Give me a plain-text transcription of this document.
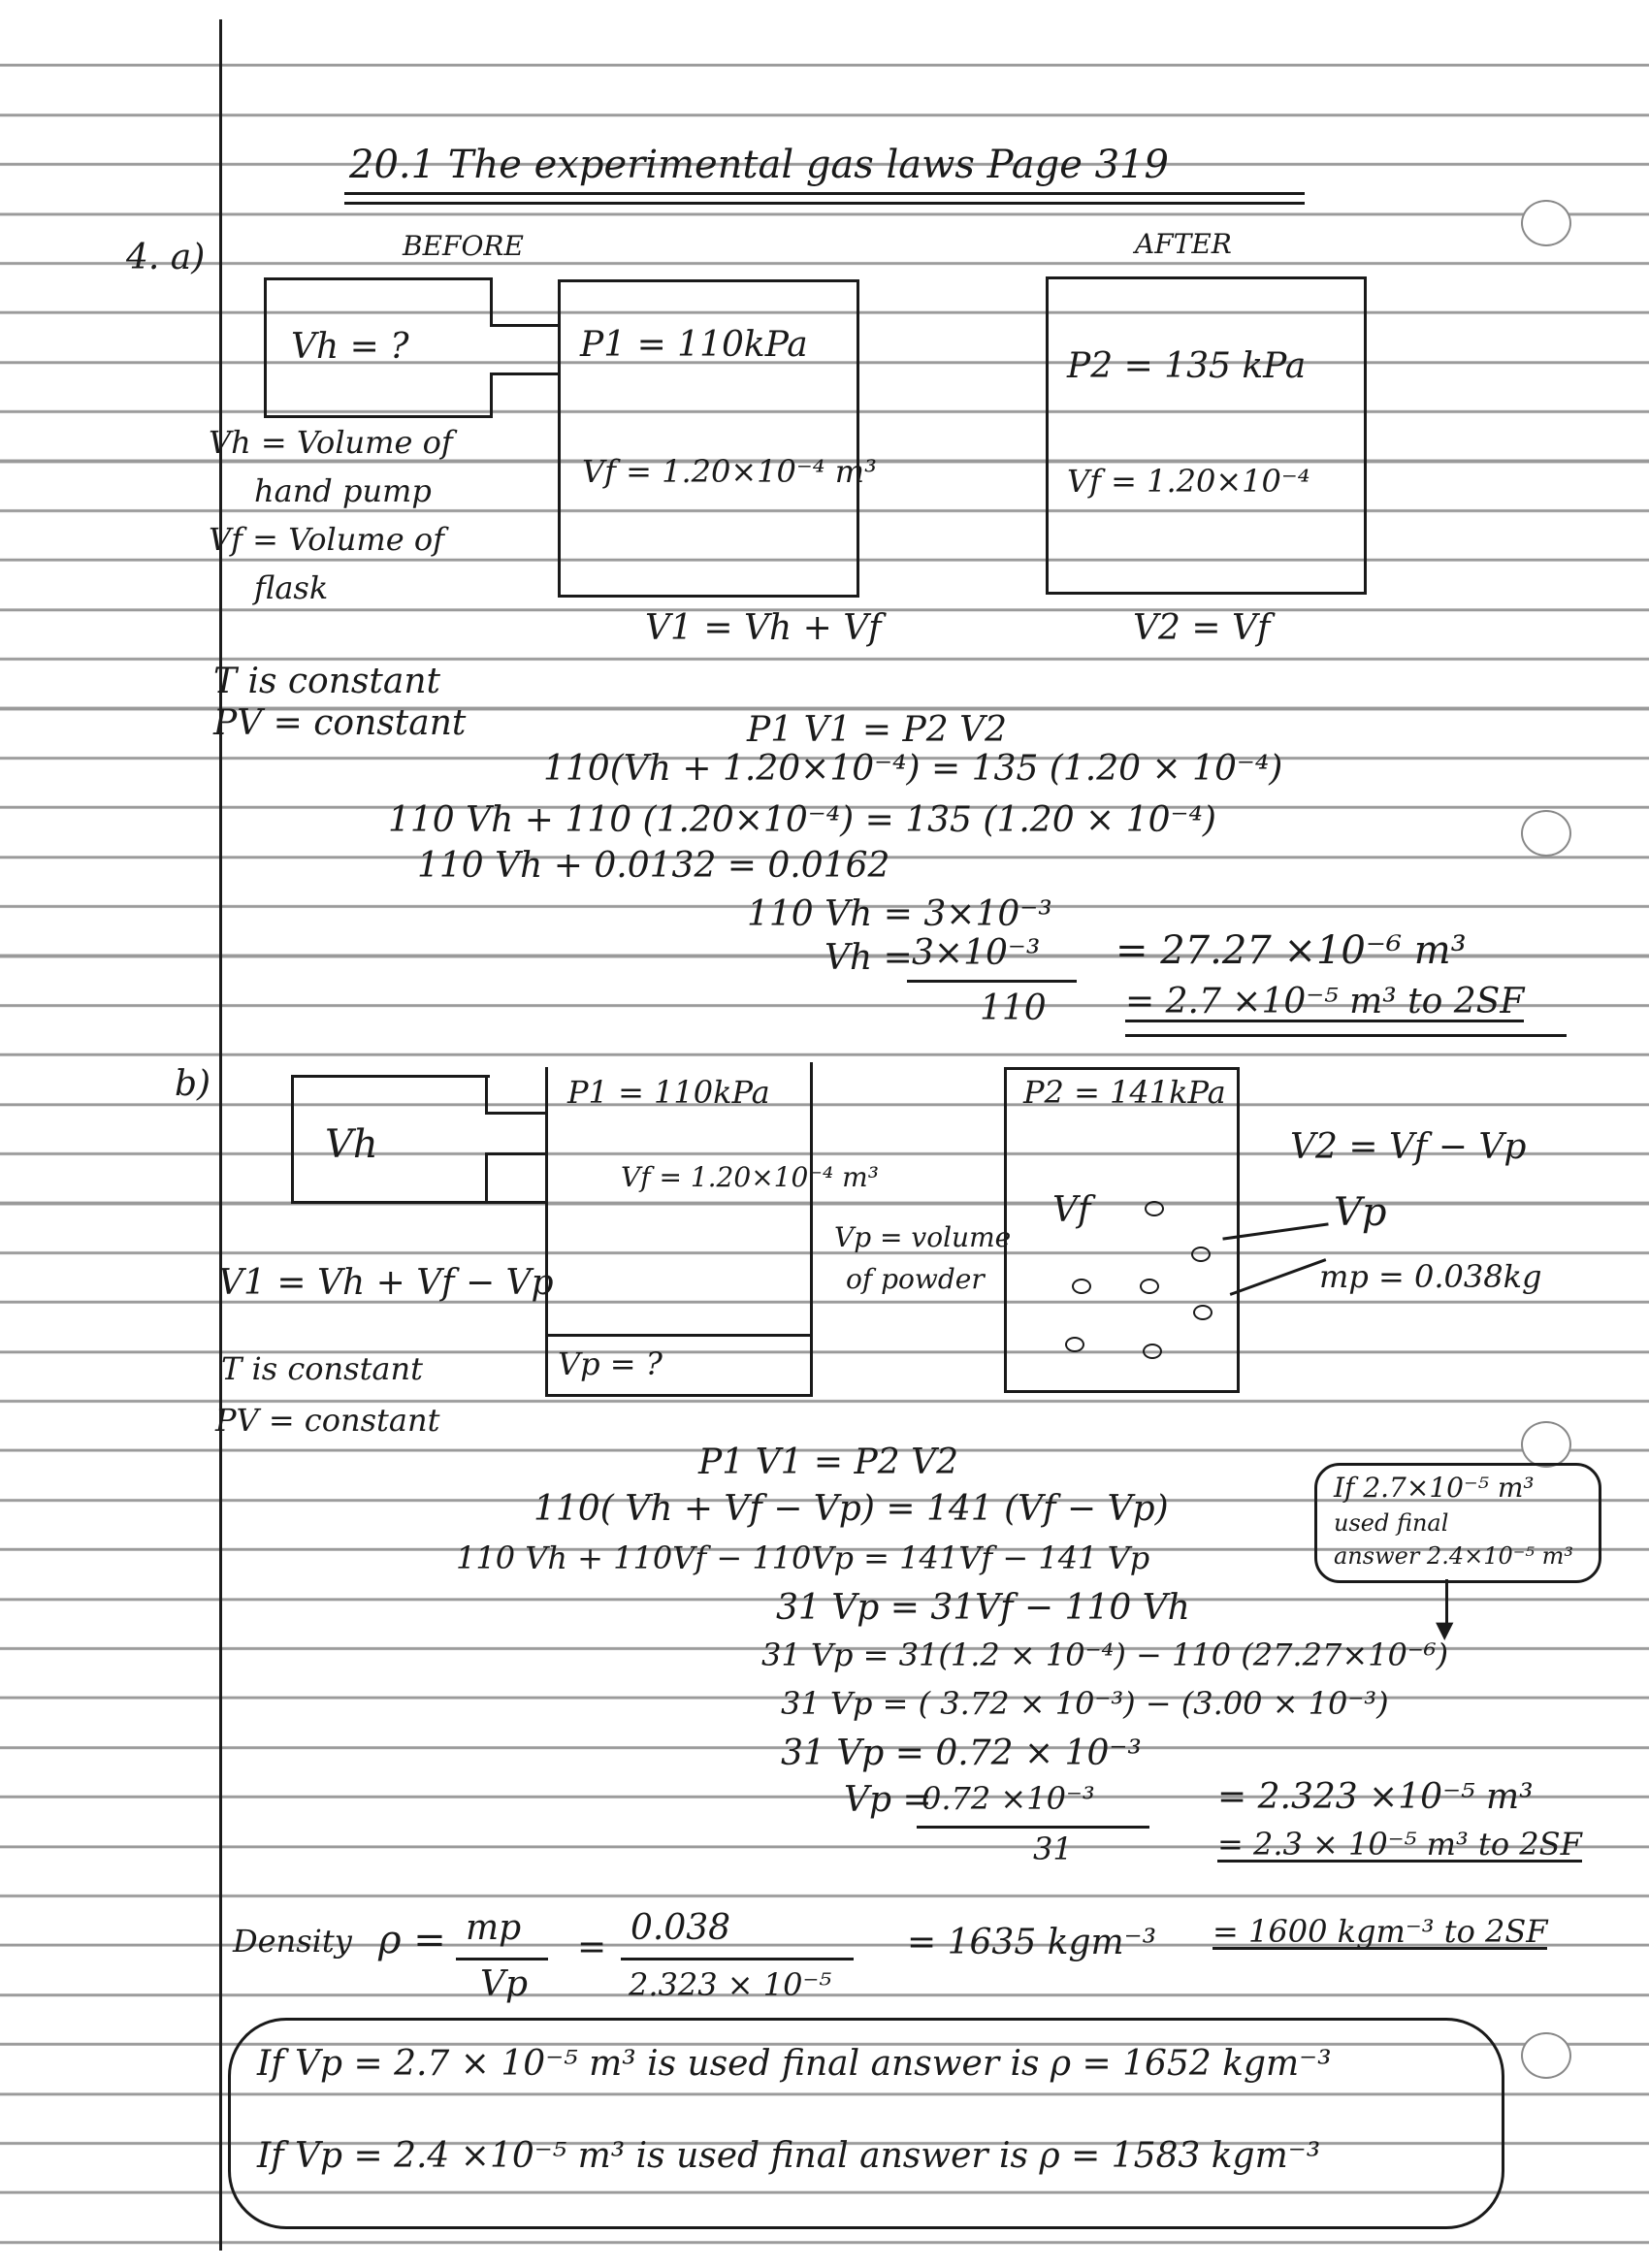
20.1 The experimental gas laws Page 319
4. a)	BEFORE	AFTER
Vh = ?	P1 = 110kPa
Vf = 1.20×10⁻⁴ m³
P2 = 135 kPa
Vf = 1.20×10⁻⁴
Vh = Volume of
hand pump
Vf = Volume of
flask
V1 = Vh + Vf	V2 = Vf
T is constant
PV = constant	P1 V1 = P2 V2
110(Vh + 1.20×10⁻⁴) = 135 (1.20 × 10⁻⁴)
110 Vh + 110 (1.20×10⁻⁴) = 135 (1.20 × 10⁻⁴)
110 Vh + 0.0132 = 0.0162
110 Vh = 3×10⁻³
Vh = 3×10⁻³
110
= 27.27 ×10⁻⁶ m³
= 2.7 ×10⁻⁵ m³ to 2SF
b)
Vh
P1 = 110kPa
Vf = 1.20×10⁻⁴ m³
Vp = ?
Vp = volume
of powder
P2 = 141kPa
Vf
V2 = Vf − Vp
Vp
mp = 0.038kg
V1 = Vh + Vf − Vp
T is constant
PV = constant
P1 V1 = P2 V2
110( Vh + Vf − Vp) = 141 (Vf − Vp)
110 Vh + 110Vf − 110Vp = 141Vf − 141 Vp
31 Vp = 31Vf − 110 Vh
31 Vp = 31(1.2 × 10⁻⁴) − 110 (27.27×10⁻⁶)
31 Vp = ( 3.72 × 10⁻³) − (3.00 × 10⁻³)
31 Vp = 0.72 × 10⁻³
Vp =
0.72 ×10⁻³
31
= 2.323 ×10⁻⁵ m³
= 2.3 × 10⁻⁵ m³ to 2SF
If 2.7×10⁻⁵ m³
used final
answer 2.4×10⁻⁵ m³
▼
Density ρ = mp
Vp
= 0.038
2.323 × 10⁻⁵
= 1635 kgm⁻³ = 1600 kgm⁻³ to 2SF
If Vp = 2.7 × 10⁻⁵ m³ is used final answer is ρ = 1652 kgm⁻³
If Vp = 2.4 ×10⁻⁵ m³ is used final answer is ρ = 1583 kgm⁻³
